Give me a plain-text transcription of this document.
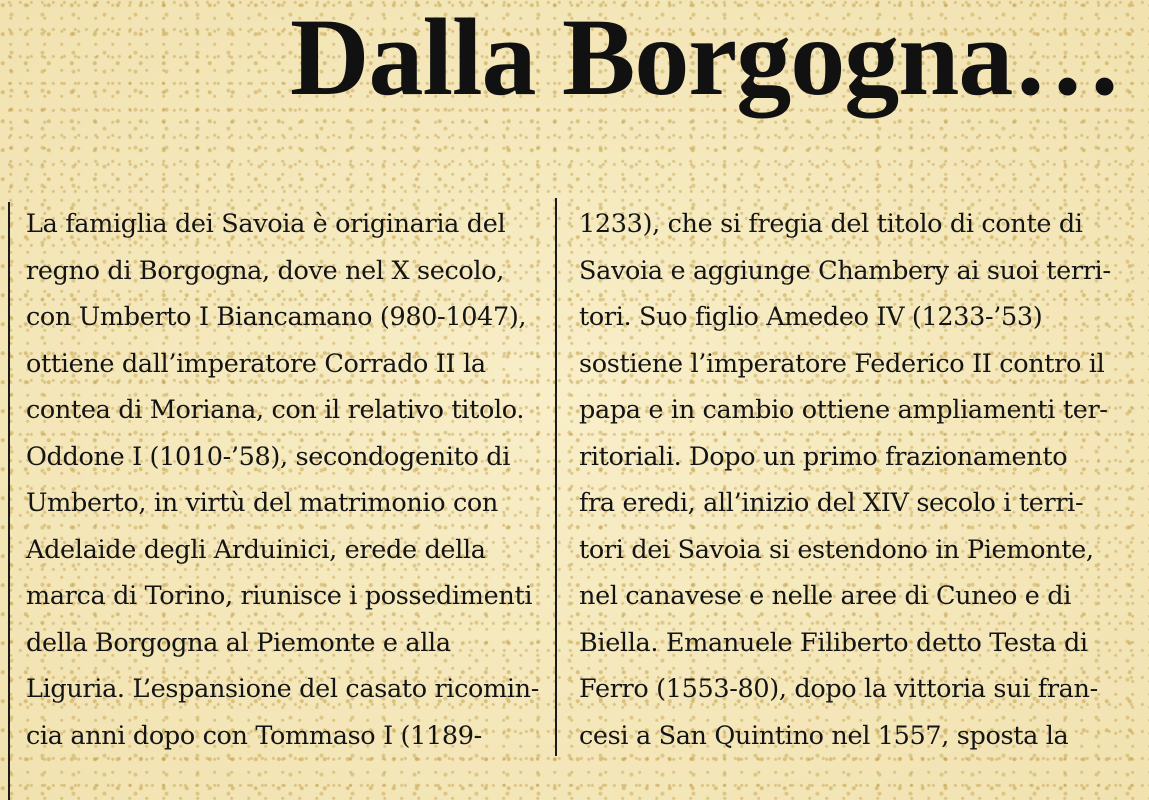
Dalla Borgogna…
La famiglia dei Savoia è originaria del
regno di Borgogna, dove nel X secolo,
con Umberto I Biancamano (980-1047),
ottiene dall’imperatore Corrado II la
contea di Moriana, con il relativo titolo.
Oddone I (1010-’58), secondogenito di
Umberto, in virtù del matrimonio con
Adelaide degli Arduinici, erede della
marca di Torino, riunisce i possedimenti
della Borgogna al Piemonte e alla
Liguria. L’espansione del casato ricomin-
cia anni dopo con Tommaso I (1189-
1233), che si fregia del titolo di conte di
Savoia e aggiunge Chambery ai suoi terri-
tori. Suo figlio Amedeo IV (1233-’53)
sostiene l’imperatore Federico II contro il
papa e in cambio ottiene ampliamenti ter-
ritoriali. Dopo un primo frazionamento
fra eredi, all’inizio del XIV secolo i terri-
tori dei Savoia si estendono in Piemonte,
nel canavese e nelle aree di Cuneo e di
Biella. Emanuele Filiberto detto Testa di
Ferro (1553-80), dopo la vittoria sui fran-
cesi a San Quintino nel 1557, sposta la
